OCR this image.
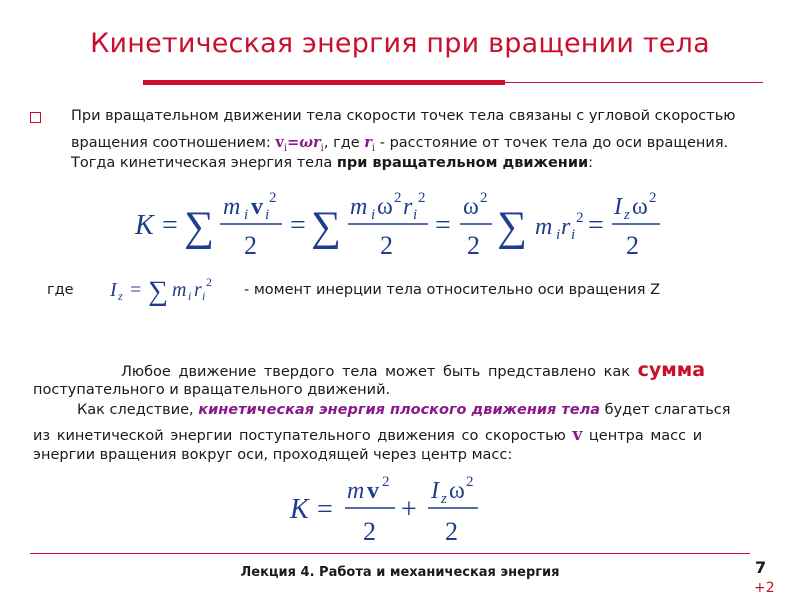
Кинетическая энергия при вращении тела
При вращательном движении тела скорости точек тела связаны с угловой скоростью
вращения соотношением: $v_i=\omega r_i$, где $r_i$ - расстояние от точек тела до оси вращения.
Тогда кинетическая энергия тела при вращательном движении:
K = ∑ m i v i
2
2
= ∑ m i ω 2 r i
2
2
=
ω 2
2 ∑ m i r i
2 =
I z ω 2
2
где I z = ∑ m i r i
2 - момент инерции тела относительно оси вращения Z
Любое движение твердого тела может быть представлено как сумма
поступательного и вращательного движений.
Как следствие, кинетическая энергия плоского движения тела будет слагаться
из кинетической энергии поступательного движения со скоростью v центра масс и
энергии вращения вокруг оси, проходящей через центр масс:
K =
m v 2
2
+
I z ω 2
2
Лекция 4. Работа и механическая энергия	7
+2
